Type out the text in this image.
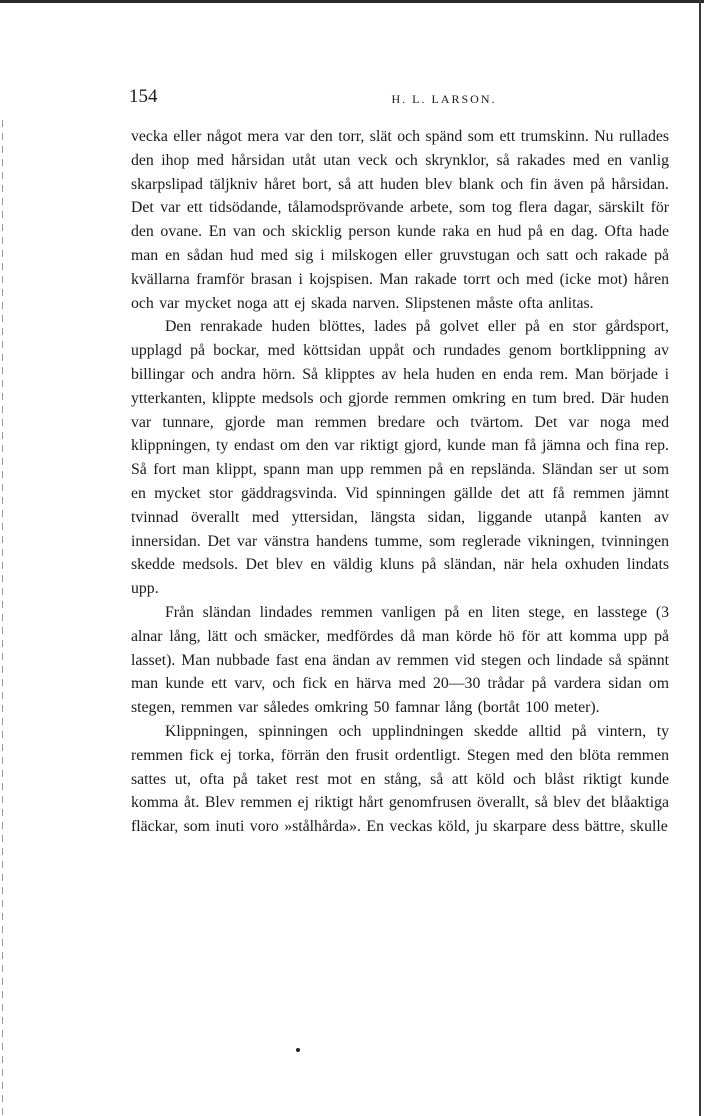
154	H. L. LARSON.

vecka eller något mera var den torr, slät och spänd som ett trumskinn. Nu rullades den ihop med hårsidan utåt utan veck och skrynklor, så rakades med en vanlig skarpslipad täljkniv håret bort, så att huden blev blank och fin även på hårsidan. Det var ett tidsödande, tålamodsprövande arbete, som tog flera dagar, särskilt för den ovane. En van och skicklig person kunde raka en hud på en dag. Ofta hade man en sådan hud med sig i milskogen eller gruvstugan och satt och rakade på kvällarna framför brasan i kojspisen. Man rakade torrt och med (icke mot) håren och var mycket noga att ej skada narven. Slipstenen måste ofta anlitas.

Den renrakade huden blöttes, lades på golvet eller på en stor gårdsport, upplagd på bockar, med köttsidan uppåt och rundades genom bortklippning av billingar och andra hörn. Så klipptes av hela huden en enda rem. Man började i ytterkanten, klippte medsols och gjorde remmen omkring en tum bred. Där huden var tunnare, gjorde man remmen bredare och tvärtom. Det var noga med klippningen, ty endast om den var riktigt gjord, kunde man få jämna och fina rep. Så fort man klippt, spann man upp remmen på en repslända. Sländan ser ut som en mycket stor gäddragsvinda. Vid spinningen gällde det att få remmen jämnt tvinnad överallt med yttersidan, längsta sidan, liggande utanpå kanten av innersidan. Det var vänstra handens tumme, som reglerade vikningen, tvinningen skedde medsols. Det blev en väldig kluns på sländan, när hela oxhuden lindats upp.

Från sländan lindades remmen vanligen på en liten stege, en lasstege (3 alnar lång, lätt och smäcker, medfördes då man körde hö för att komma upp på lasset). Man nubbade fast ena ändan av remmen vid stegen och lindade så spännt man kunde ett varv, och fick en härva med 20—30 trådar på vardera sidan om stegen, remmen var således omkring 50 famnar lång (bortåt 100 meter).

Klippningen, spinningen och upplindningen skedde alltid på vintern, ty remmen fick ej torka, förrän den frusit ordentligt. Stegen med den blöta remmen sattes ut, ofta på taket rest mot en stång, så att köld och blåst riktigt kunde komma åt. Blev remmen ej riktigt hårt genomfrusen överallt, så blev det blåaktiga fläckar, som inuti voro »stålhårda». En veckas köld, ju skarpare dess bättre, skulle
